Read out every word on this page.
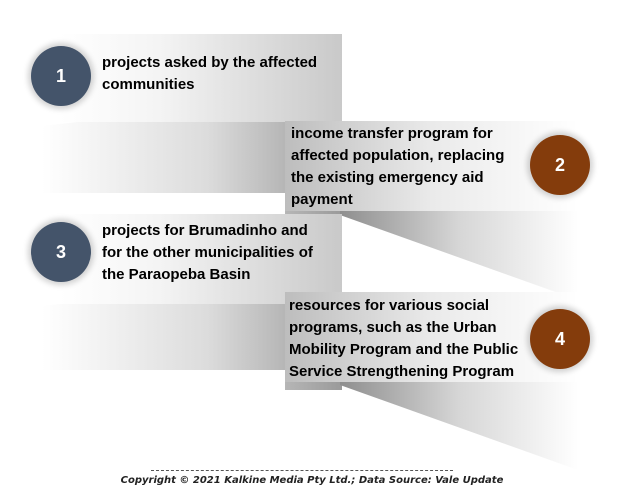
projects asked by the affected
communities
1
income transfer program for
affected population, replacing
the existing emergency aid
payment
2
projects for Brumadinho and
for the other municipalities of
the Paraopeba Basin
3
resources for various social
programs, such as the Urban
Mobility Program and the Public
Service Strengthening Program
4
Copyright © 2021 Kalkine Media Pty Ltd.; Data Source: Vale Update
